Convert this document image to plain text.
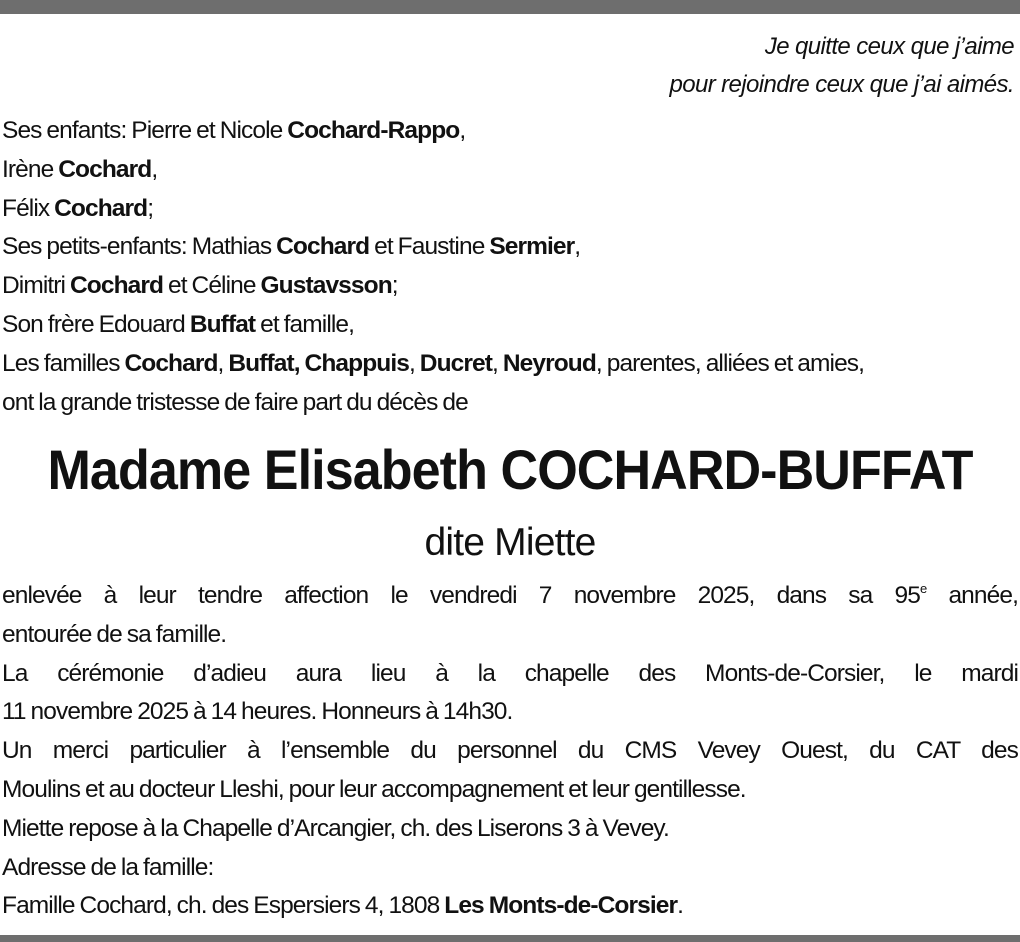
Je quitte ceux que j’aime
pour rejoindre ceux que j’ai aimés.
Ses enfants: Pierre et Nicole Cochard-Rappo,
Irène Cochard,
Félix Cochard;
Ses petits-enfants: Mathias Cochard et Faustine Sermier,
Dimitri Cochard et Céline Gustavsson;
Son frère Edouard Buffat et famille,
Les familles Cochard, Buffat, Chappuis, Ducret, Neyroud, parentes, alliées et amies,
ont la grande tristesse de faire part du décès de
Madame Elisabeth COCHARD-BUFFAT
dite Miette
enlevée à leur tendre affection le vendredi 7 novembre 2025, dans sa 95e année,
entourée de sa famille.
La cérémonie d’adieu aura lieu à la chapelle des Monts-de-Corsier, le mardi
11 novembre 2025 à 14 heures. Honneurs à 14h30.
Un merci particulier à l’ensemble du personnel du CMS Vevey Ouest, du CAT des
Moulins et au docteur Lleshi, pour leur accompagnement et leur gentillesse.
Miette repose à la Chapelle d’Arcangier, ch. des Liserons 3 à Vevey.
Adresse de la famille:
Famille Cochard, ch. des Espersiers 4, 1808 Les Monts-de-Corsier.
